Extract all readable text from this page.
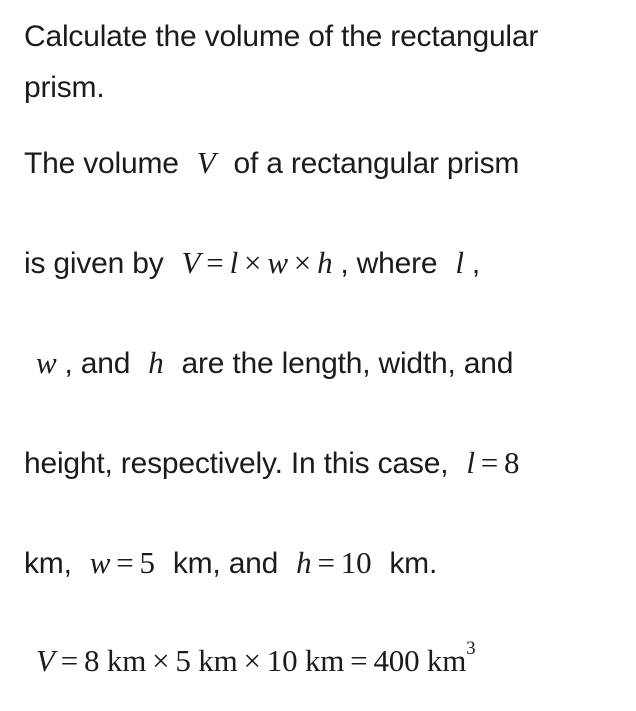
Calculate the volume of the rectangular
prism.
The volume V of a rectangular prism
is given by V = l × w × h , where l ,
w , and h are the length, width, and
height, respectively. In this case, l = 8
km, w = 5 km, and h = 10 km.
V = 8 km × 5 km × 10 km = 400 $km^3$
